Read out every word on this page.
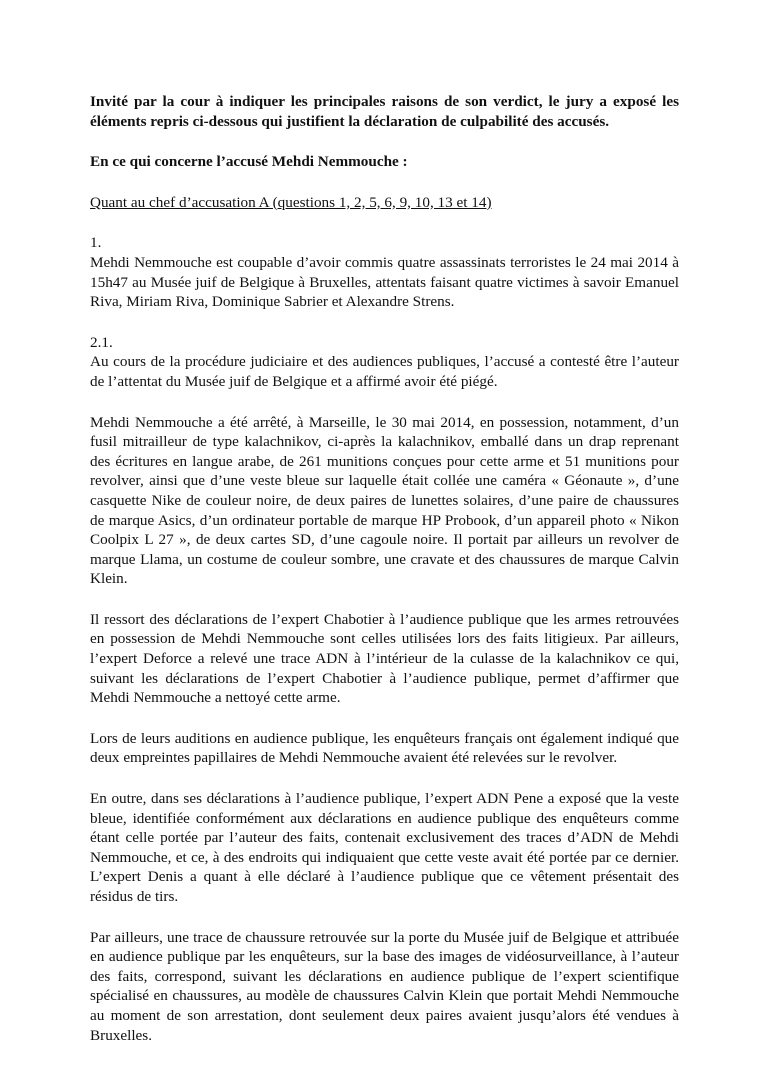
Invité par la cour à indiquer les principales raisons de son verdict, le jury a exposé les éléments repris ci-dessous qui justifient la déclaration de culpabilité des accusés.

En ce qui concerne l’accusé Mehdi Nemmouche :

Quant au chef d’accusation A (questions 1, 2, 5, 6, 9, 10, 13 et 14)

1.

Mehdi Nemmouche est coupable d’avoir commis quatre assassinats terroristes le 24 mai 2014 à 15h47 au Musée juif de Belgique à Bruxelles, attentats faisant quatre victimes à savoir Emanuel Riva, Miriam Riva, Dominique Sabrier et Alexandre Strens.

2.1.

Au cours de la procédure judiciaire et des audiences publiques, l’accusé a contesté être l’auteur de l’attentat du Musée juif de Belgique et a affirmé avoir été piégé.

Mehdi Nemmouche a été arrêté, à Marseille, le 30 mai 2014, en possession, notamment, d’un fusil mitrailleur de type kalachnikov, ci-après la kalachnikov, emballé dans un drap reprenant des écritures en langue arabe, de 261 munitions conçues pour cette arme et 51 munitions pour revolver, ainsi que d’une veste bleue sur laquelle était collée une caméra « Géonaute », d’une casquette Nike de couleur noire, de deux paires de lunettes solaires, d’une paire de chaussures de marque Asics, d’un ordinateur portable de marque HP Probook, d’un appareil photo « Nikon Coolpix L 27 », de deux cartes SD, d’une cagoule noire. Il portait par ailleurs un revolver de marque Llama, un costume de couleur sombre, une cravate et des chaussures de marque Calvin Klein.

Il ressort des déclarations de l’expert Chabotier à l’audience publique que les armes retrouvées en possession de Mehdi Nemmouche sont celles utilisées lors des faits litigieux. Par ailleurs, l’expert Deforce a relevé une trace ADN à l’intérieur de la culasse de la kalachnikov ce qui, suivant les déclarations de l’expert Chabotier à l’audience publique, permet d’affirmer que Mehdi Nemmouche a nettoyé cette arme.

Lors de leurs auditions en audience publique, les enquêteurs français ont également indiqué que deux empreintes papillaires de Mehdi Nemmouche avaient été relevées sur le revolver.

En outre, dans ses déclarations à l’audience publique, l’expert ADN Pene a exposé que la veste bleue, identifiée conformément aux déclarations en audience publique des enquêteurs comme étant celle portée par l’auteur des faits, contenait exclusivement des traces d’ADN de Mehdi Nemmouche, et ce, à des endroits qui indiquaient que cette veste avait été portée par ce dernier. L’expert Denis a quant à elle déclaré à l’audience publique que ce vêtement présentait des résidus de tirs.

Par ailleurs, une trace de chaussure retrouvée sur la porte du Musée juif de Belgique et attribuée en audience publique par les enquêteurs, sur la base des images de vidéosurveillance, à l’auteur des faits, correspond, suivant les déclarations en audience publique de l’expert scientifique spécialisé en chaussures, au modèle de chaussures Calvin Klein que portait Mehdi Nemmouche au moment de son arrestation, dont seulement deux paires avaient jusqu’alors été vendues à Bruxelles.
